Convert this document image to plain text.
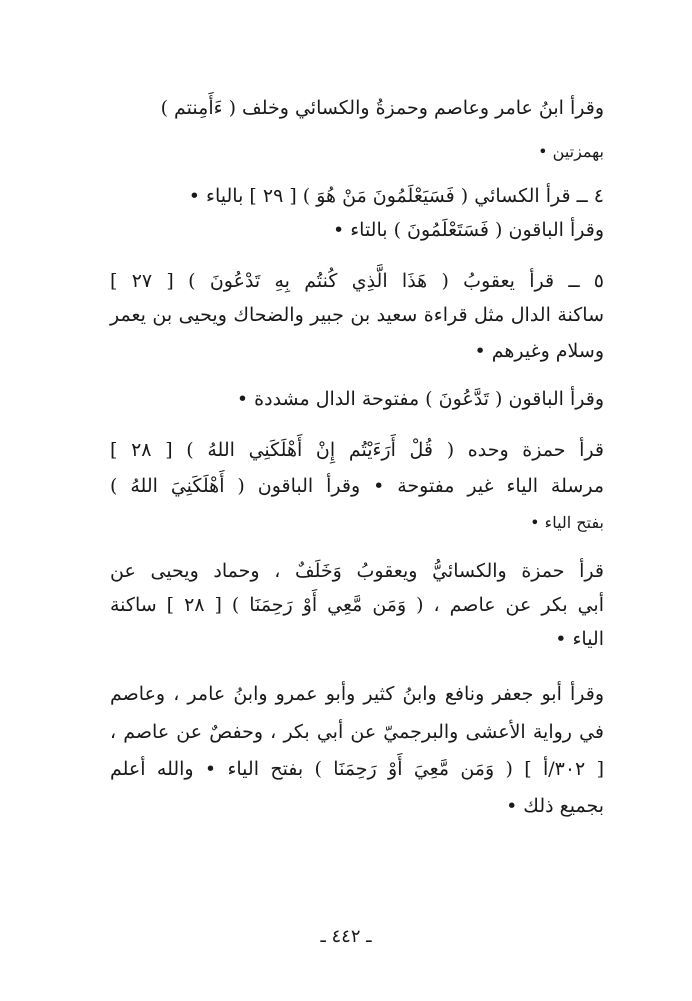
وقرأ ابنُ عامر وعاصم وحمزةُ والكسائي وخلف ( ءَأَمِنتم )
بهمزتين •
٤ ــ قرأ الكسائي ( فَسَيَعْلَمُونَ مَنْ هُوَ ) [ ٢٩ ] بالياء •
وقرأ الباقون ( فَسَتَعْلَمُونَ ) بالتاء •
٥ ــ قرأ يعقوبُ ( هَذَا الَّذِي كُنتُم بِهِ تَدْعُونَ ) [ ٢٧ ]
ساكنة الدال مثل قراءة سعيد بن جبير والضحاك ويحيى بن يعمر
وسلام وغيرهم •
وقرأ الباقون ( تَدَّعُونَ ) مفتوحة الدال مشددة •
قرأ حمزة وحده ( قُلْ أَرَءَيْتُم إِنْ أَهْلَكَنِي اللهُ ) [ ٢٨ ]
مرسلة الياء غير مفتوحة • وقرأ الباقون ( أَهْلَكَنِيَ اللهُ )
بفتح الياء •
قرأ حمزة والكسائيُّ ويعقوبُ وَخَلَفٌ ، وحماد ويحيى عن
أبي بكر عن عاصم ، ( وَمَن مَّعِي أَوْ رَحِمَنَا ) [ ٢٨ ] ساكنة
الياء •
وقرأ أبو جعفر ونافع وابنُ كثير وأبو عمرو وابنُ عامر ، وعاصم
في رواية الأعشى والبرجميّ عن أبي بكر ، وحفصٌ عن عاصم ،
[ ٣٠٢/أ ] ( وَمَن مَّعِيَ أَوْ رَحِمَنَا ) بفتح الياء • والله أعلم
بجميع ذلك •
ـ ٤٤٢ ـ
